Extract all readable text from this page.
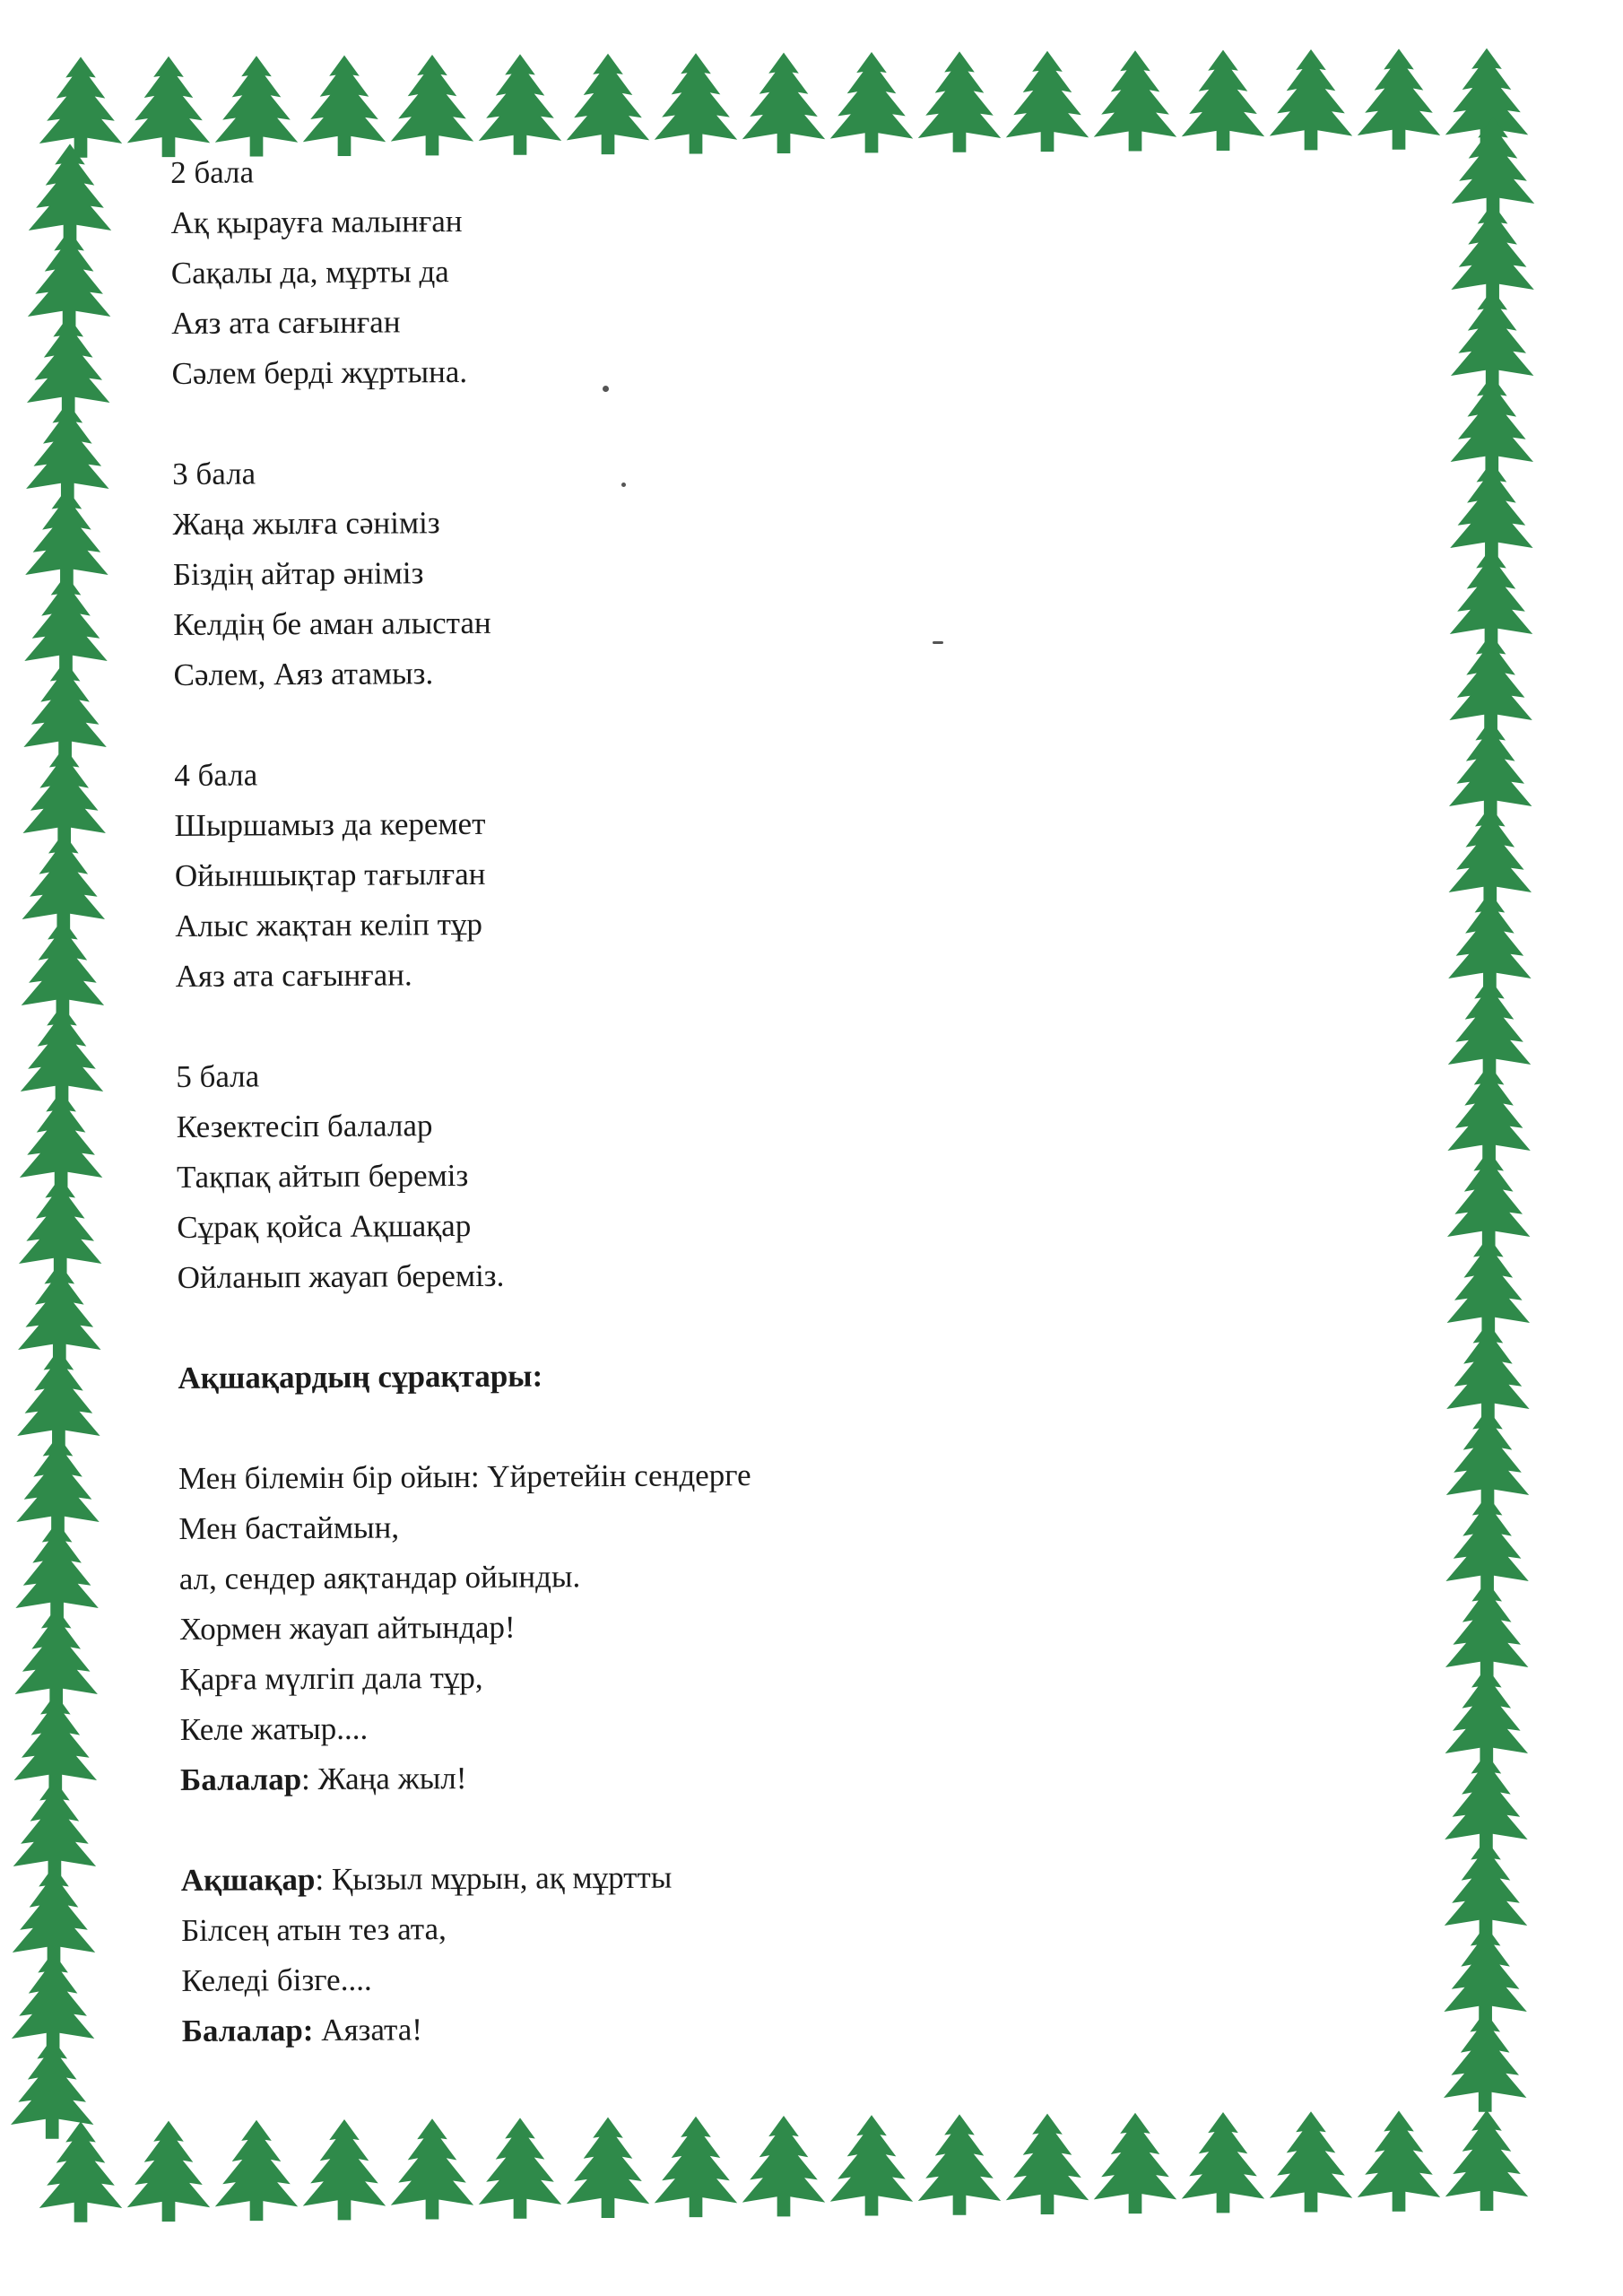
2 бала
Ақ қырауға малынған
Сақалы да, мұрты да
Аяз ата сағынған
Сәлем берді жұртына.
3 бала
Жаңа жылға сәніміз
Біздің айтар әніміз
Келдің бе аман алыстан
Сәлем, Аяз атамыз.
4 бала
Шыршамыз да керемет
Ойыншықтар тағылған
Алыс жақтан келіп тұр
Аяз ата сағынған.
5 бала
Кезектесіп балалар
Тақпақ айтып береміз
Сұрақ қойса Ақшақар
Ойланып жауап береміз.
Ақшақардың сұрақтары:
Мен білемін бір ойын: Үйретейін сендерге
Мен бастаймын,
ал, сендер аяқтандар ойынды.
Хормен жауап айтындар!
Қарға мүлгіп дала тұр,
Келе жатыр....
Балалар: Жаңа жыл!
Ақшақар: Қызыл мұрын, ақ мұртты
Білсең атын тез ата,
Келеді бізге....
Балалар: Аязата!
